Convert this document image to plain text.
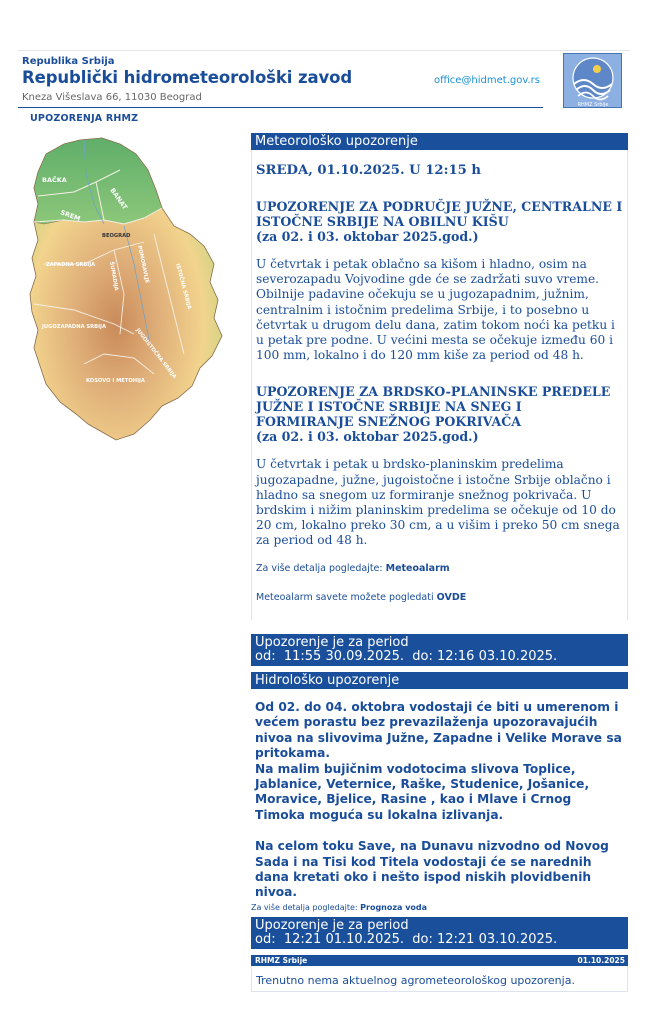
Republika Srbija
Republički hidrometeorološki zavod
Kneza Višeslava 66, 11030 Beograd
office@hidmet.gov.rs
RHMZ Srbije
UPOZORENJA RHMZ
BAČKA
BANAT
SREM
BEOGRAD
ZAPADNA SRBIJA ŠUMADIJA	POMORAVLJE	ISTOČNA SRBIJA
JUGOZAPADNA SRBIJA
JUGOISTOČNA SRBIJA
KOSOVO I METOHIJA
Meteorološko upozorenje
SREDA, 01.10.2025. U 12:15 h
UPOZORENJE ZA PODRUČJE JUŽNE, CENTRALNE I ISTOČNE SRBIJE NA OBILNU KIŠU
(za 02. i 03. oktobar 2025.god.)
U četvrtak i petak oblačno sa kišom i hladno, osim na severozapadu Vojvodine gde će se zadržati suvo vreme. Obilnije padavine očekuju se u jugozapadnim, južnim, centralnim i istočnim predelima Srbije, i to posebno u četvrtak u drugom delu dana, zatim tokom noći ka petku i u petak pre podne. U većini mesta se očekuje između 60 i 100 mm, lokalno i do 120 mm kiše za period od 48 h.
UPOZORENJE ZA BRDSKO-PLANINSKE PREDELE JUŽNE I ISTOČNE SRBIJE NA SNEG I FORMIRANJE SNEŽNOG POKRIVAČA
(za 02. i 03. oktobar 2025.god.)
U četvrtak i petak u brdsko-planinskim predelima jugozapadne, južne, jugoistočne i istočne Srbije oblačno i hladno sa snegom uz formiranje snežnog pokrivača. U brdskim i nižim planinskim predelima se očekuje od 10 do 20 cm, lokalno preko 30 cm, a u višim i preko 50 cm snega za period od 48 h.
Za više detalja pogledajte: Meteoalarm
Meteoalarm savete možete pogledati OVDE
Upozorenje je za period
od:  11:55 30.09.2025.  do: 12:16 03.10.2025.
Hidrološko upozorenje
Od 02. do 04. oktobra vodostaji će biti u umerenom i većem porastu bez prevazilaženja upozoravajućih nivoa na slivovima Južne, Zapadne i Velike Morave sa pritokama.
Na malim bujičnim vodotocima slivova Toplice, Jablanice, Veternice, Raške, Studenice, Jošanice, Moravice, Bjelice, Rasine , kao i Mlave i Crnog Timoka moguća su lokalna izlivanja.
Na celom toku Save, na Dunavu nizvodno od Novog Sada i na Tisi kod Titela vodostaji će se narednih dana kretati oko i nešto ispod niskih plovidbenih nivoa.
Za više detalja pogledajte: Prognoza voda
Upozorenje je za period
od:  12:21 01.10.2025.  do: 12:21 03.10.2025.
RHMZ Srbije	01.10.2025
Trenutno nema aktuelnog agrometeorološkog upozorenja.
